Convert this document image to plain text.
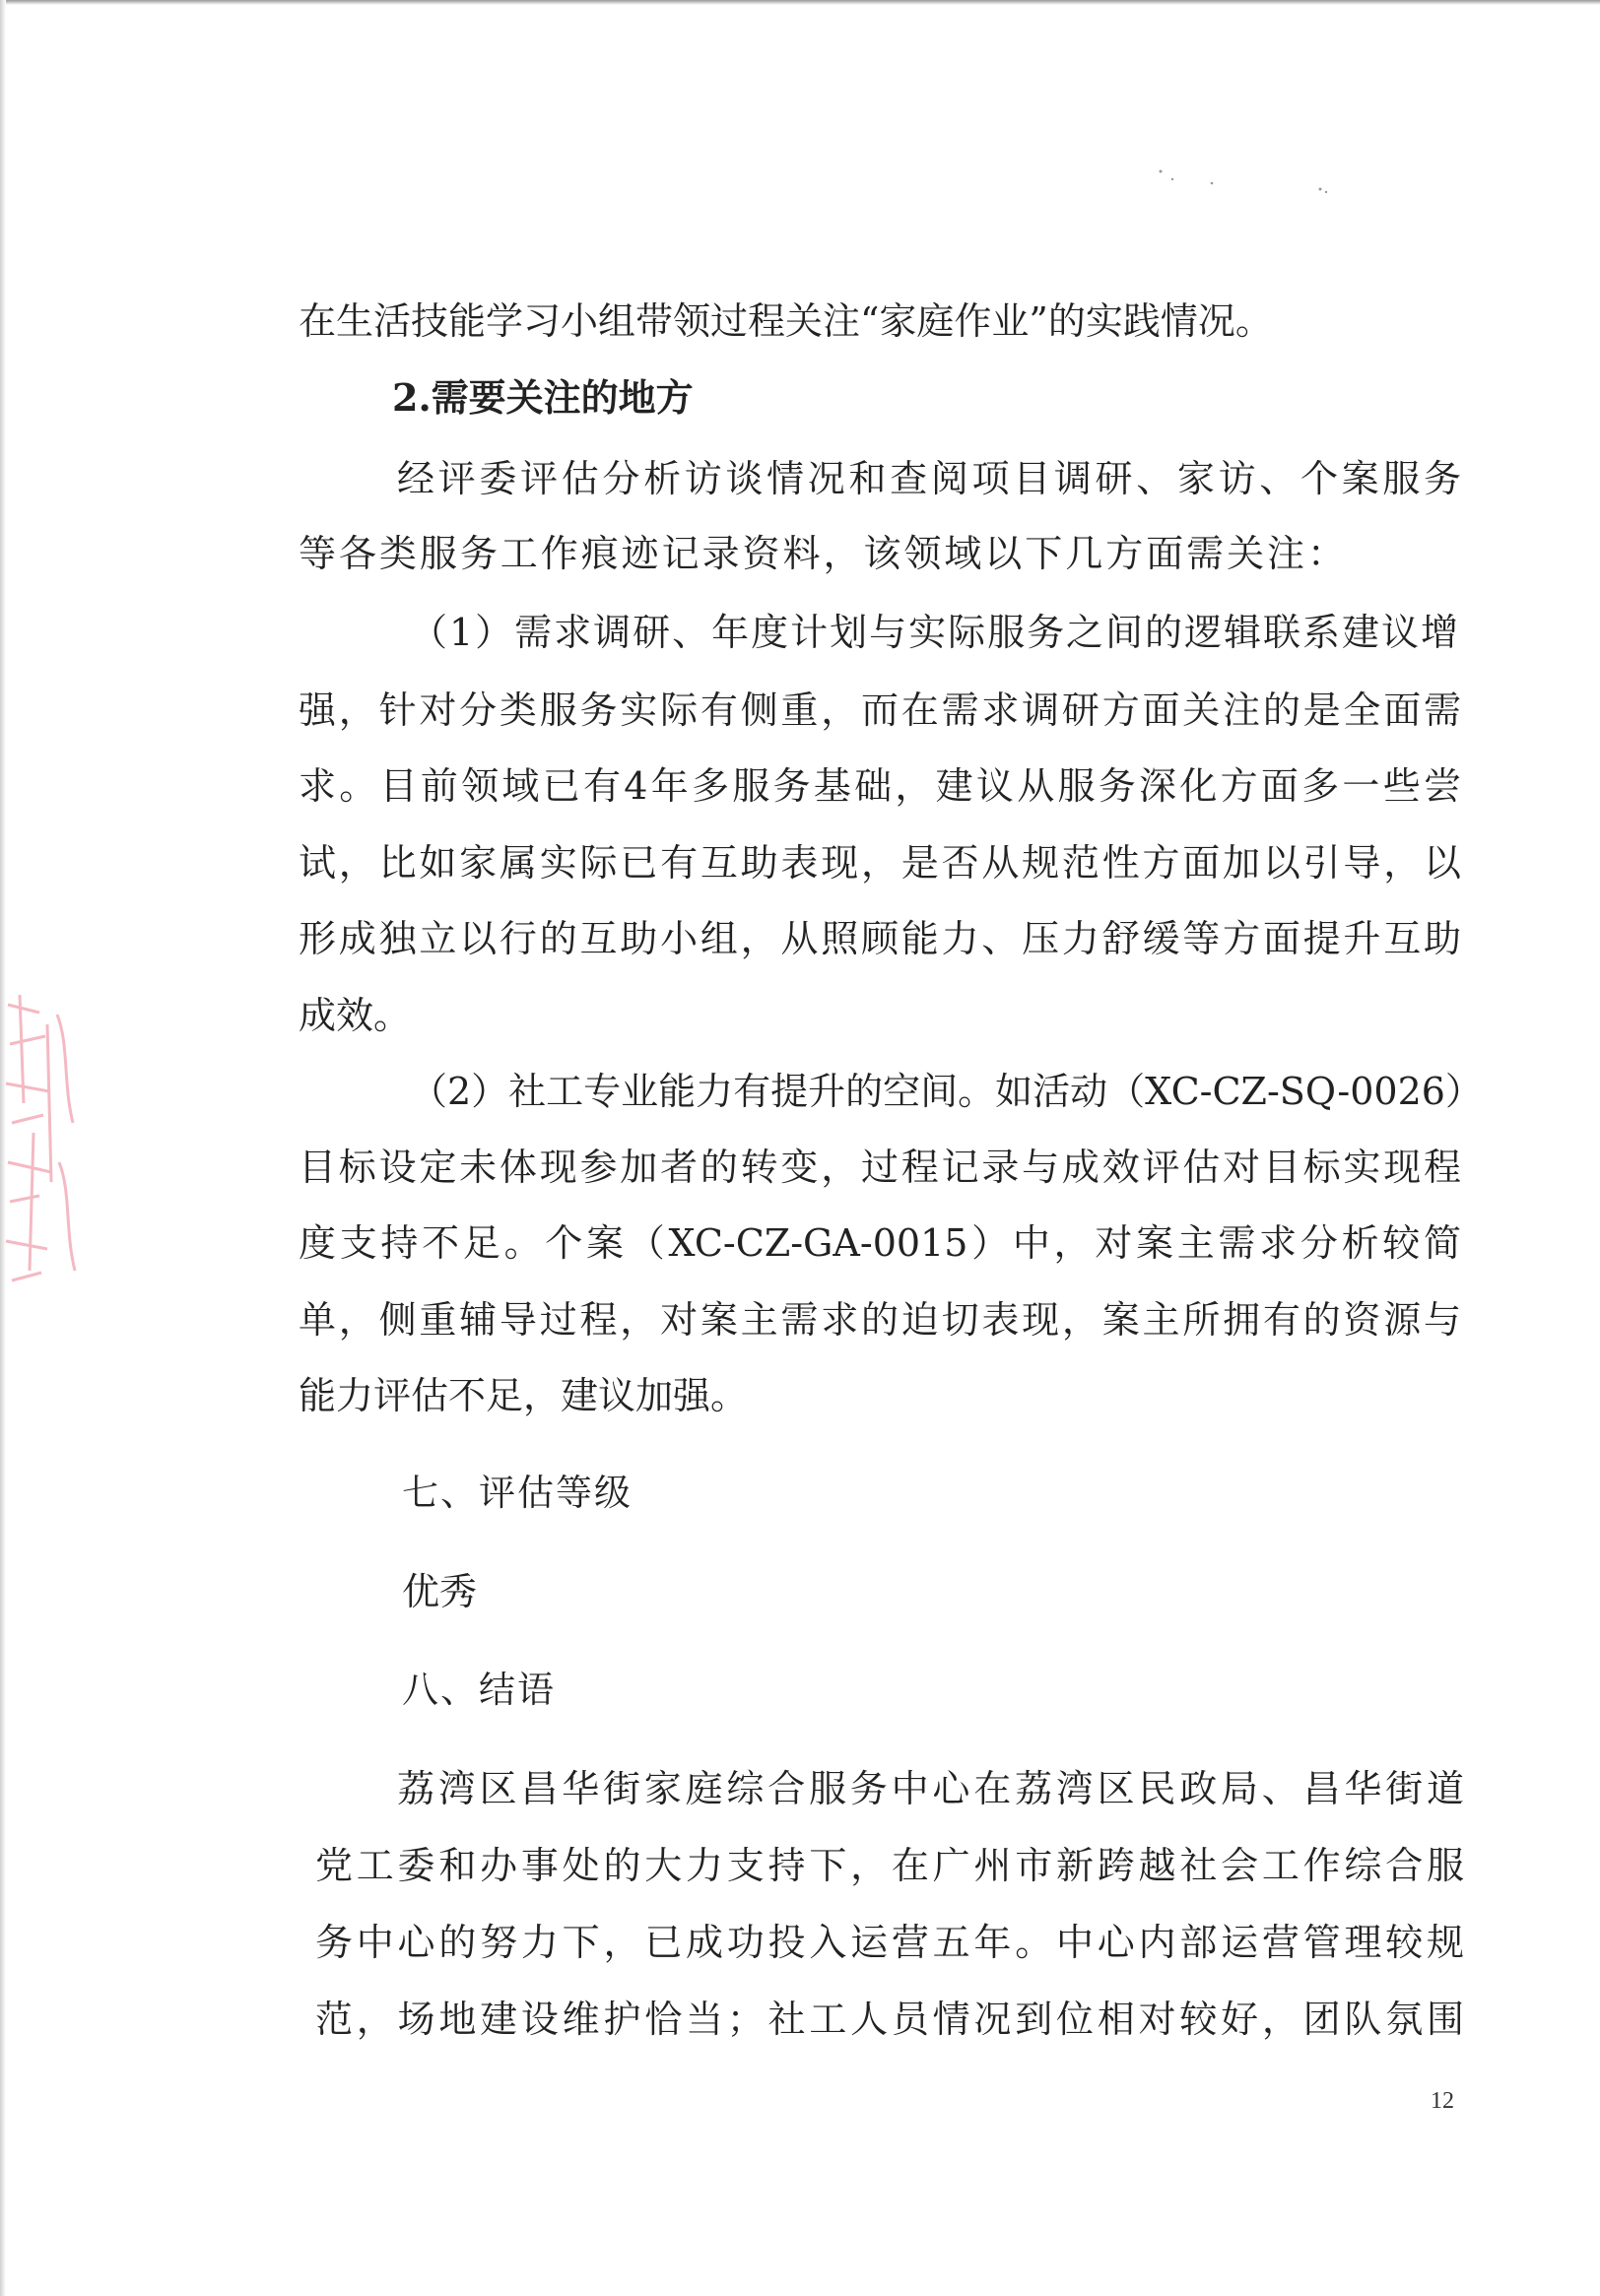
在生活技能学习小组带领过程关注“家庭作业”的实践情况。
2.需要关注的地方
经评委评估分析访谈情况和查阅项目调研、家访、个案服务
等各类服务工作痕迹记录资料，该领域以下几方面需关注：
（1）需求调研、年度计划与实际服务之间的逻辑联系建议增
强，针对分类服务实际有侧重，而在需求调研方面关注的是全面需
求。目前领域已有4年多服务基础，建议从服务深化方面多一些尝
试，比如家属实际已有互助表现，是否从规范性方面加以引导，以
形成独立以行的互助小组，从照顾能力、压力舒缓等方面提升互助
成效。
（2）社工专业能力有提升的空间。如活动（XC-CZ-SQ-0026）
目标设定未体现参加者的转变，过程记录与成效评估对目标实现程
度支持不足。个案（XC-CZ-GA-0015）中，对案主需求分析较简
单，侧重辅导过程，对案主需求的迫切表现，案主所拥有的资源与
能力评估不足，建议加强。
七、评估等级
优秀
八、结语
荔湾区昌华街家庭综合服务中心在荔湾区民政局、昌华街道
党工委和办事处的大力支持下，在广州市新跨越社会工作综合服
务中心的努力下，已成功投入运营五年。中心内部运营管理较规
范，场地建设维护恰当；社工人员情况到位相对较好，团队氛围
12
